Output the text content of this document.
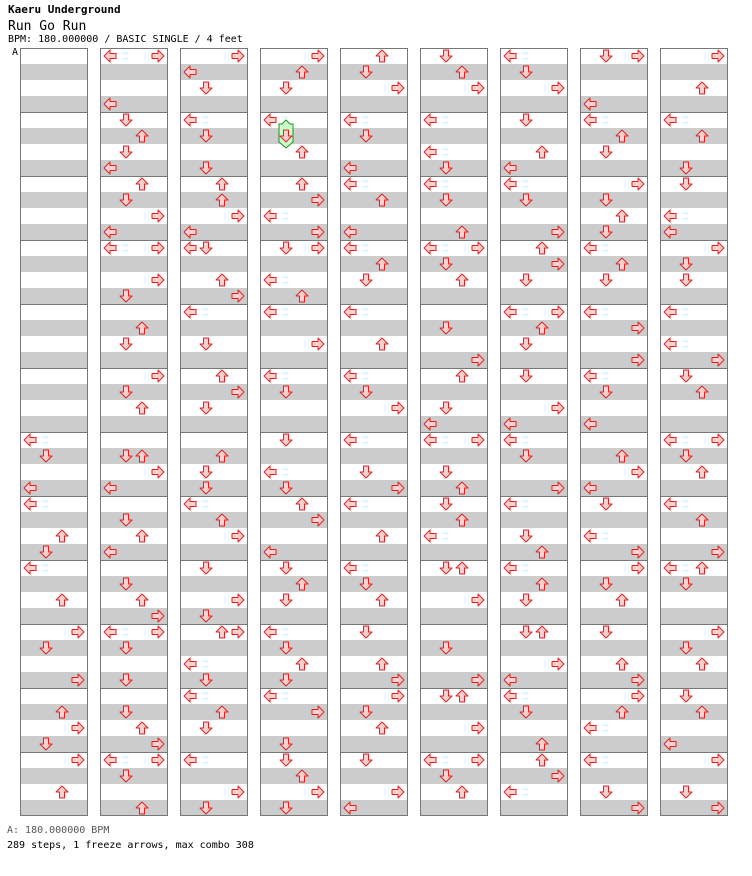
Kaeru Underground
Run Go Run
BPM: 180.000000 / BASIC SINGLE / 4 feet
A
A: 180.000000 BPM
289 steps, 1 freeze arrows, max combo 308
